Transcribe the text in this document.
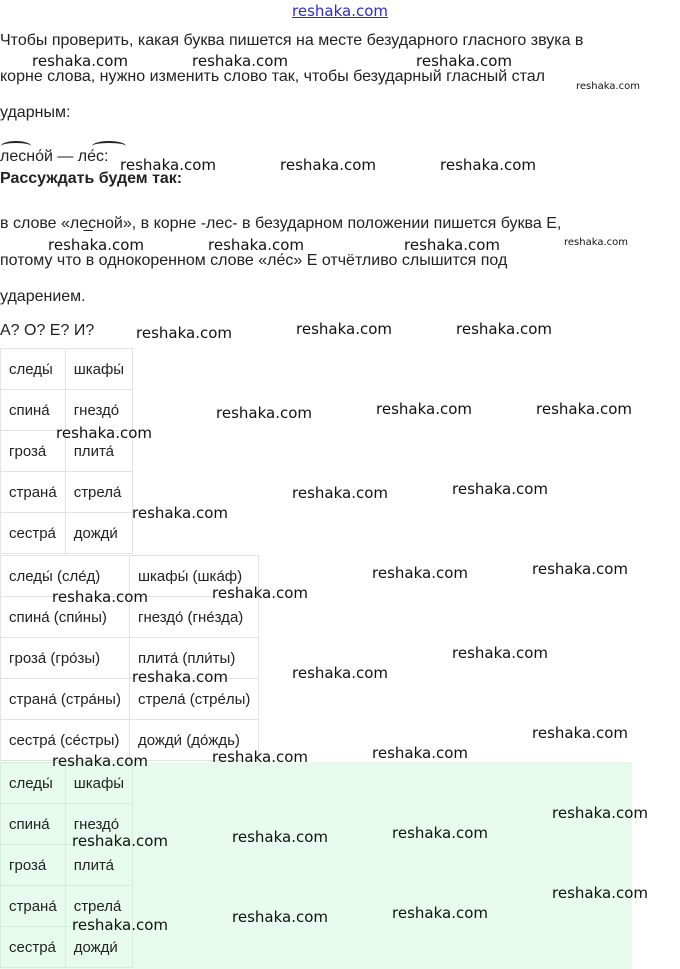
reshaka.com
Чтобы проверить, какая буква пишется на месте безударного гласного звука в
корне слова, нужно изменить слово так, чтобы безударный гласный стал
ударным:
лесно́й — ле́с:
Рассуждать будем так:
в слове «ле̲сной», в корне -лес- в безударном положении пишется буква Е,
потому что в однокоренном слове «ле́с» Е отчётливо слышится под
ударением.
А? О? Е? И?
следы́	шкафы́
спина́	гнездо́
гроза́	плита́
страна́	стрела́
сестра́	дожди́
следы́ (сле́д)	шкафы́ (шка́ф)
спина́ (спи́ны)	гнездо́ (гне́зда)
гроза́ (гро́зы)	плита́ (пли́ты)
страна́ (стра́ны)	стрела́ (стре́лы)
сестра́ (се́стры)	дожди́ (до́ждь)
следы́	шкафы́
спина́	гнездо́
гроза́	плита́
страна́	стрела́
сестра́	дожди́
reshaka.com	reshaka.com	reshaka.com
reshaka.com
reshaka.com	reshaka.com	reshaka.com
reshaka.com	reshaka.com	reshaka.com	reshaka.com
reshaka.com	reshaka.com	reshaka.com
reshaka.com	reshaka.com	reshaka.com
reshaka.com
reshaka.com	reshaka.com
reshaka.com
reshaka.com	reshaka.com
reshaka.com
reshaka.com
reshaka.com
reshaka.com
reshaka.com
reshaka.com
reshaka.com
reshaka.com
reshaka.com
reshaka.com
reshaka.com
reshaka.com
reshaka.com
reshaka.com
reshaka.com
reshaka.com
reshaka.com
